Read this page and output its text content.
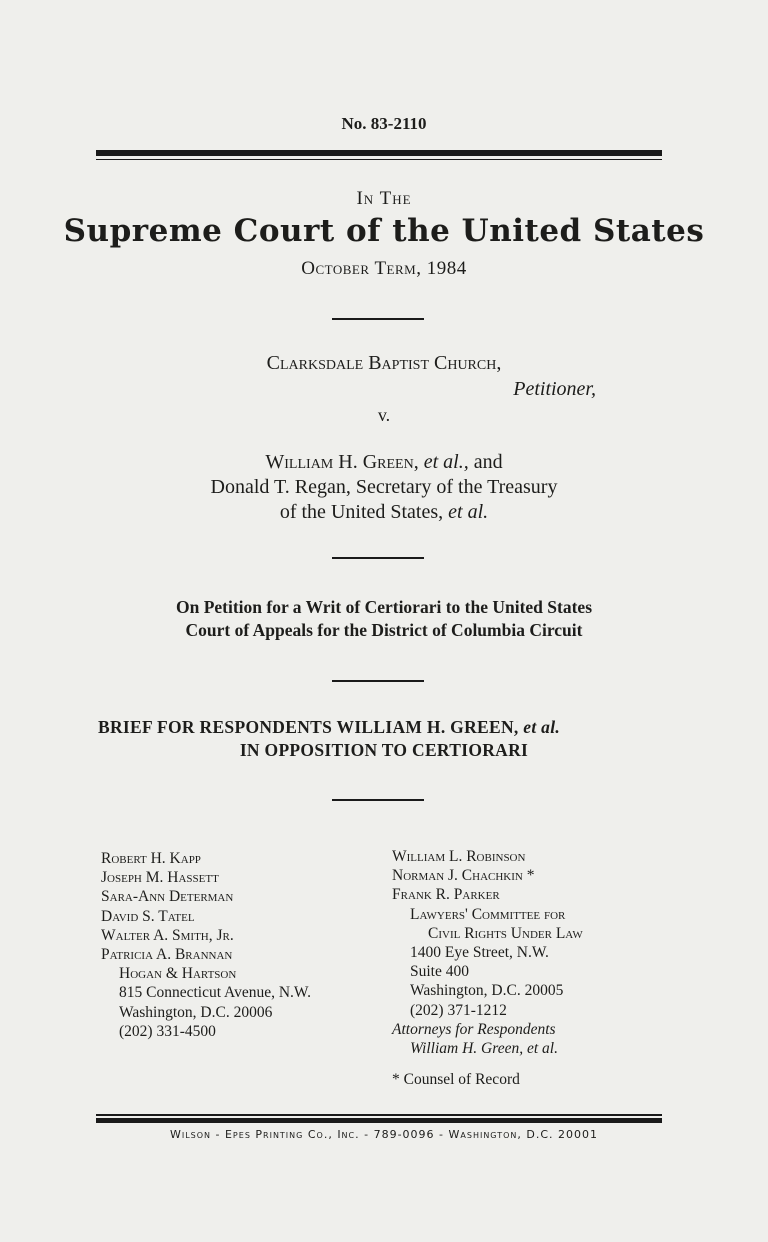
No. 83-2110
In The
Supreme Court of the United States
October Term, 1984
Clarksdale Baptist Church,
Petitioner,
v.
William H. Green, et al., and
Donald T. Regan, Secretary of the Treasury
of the United States, et al.
On Petition for a Writ of Certiorari to the United States
Court of Appeals for the District of Columbia Circuit
BRIEF FOR RESPONDENTS WILLIAM H. GREEN, et al.
IN OPPOSITION TO CERTIORARI
Robert H. Kapp
Joseph M. Hassett
Sara-Ann Determan
David S. Tatel
Walter A. Smith, Jr.
Patricia A. Brannan
Hogan & Hartson
815 Connecticut Avenue, N.W.
Washington, D.C. 20006
(202) 331-4500
William L. Robinson
Norman J. Chachkin *
Frank R. Parker
Lawyers' Committee for
Civil Rights Under Law
1400 Eye Street, N.W.
Suite 400
Washington, D.C. 20005
(202) 371-1212
Attorneys for Respondents
William H. Green, et al.
* Counsel of Record
Wilson - Epes Printing Co., Inc. - 789-0096 - Washington, D.C. 20001
